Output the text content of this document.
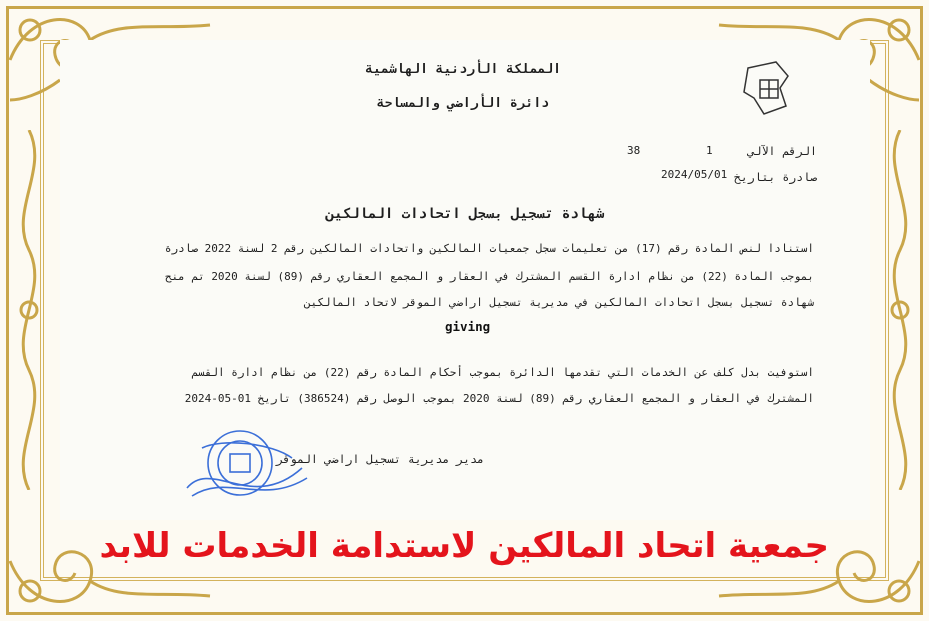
المملكة الأردنية الهاشمية
دائرة الأراضي والمساحة
الرقم الآلي
1
38
صادرة بتاريخ
2024/05/01
شهادة تسجيل بسجل اتحادات المالكين
استنادا لنص المادة رقم (17) من تعليمات سجل جمعيات المالكين واتحادات المالكين رقم 2 لسنة 2022 صادرة
بموجب المادة (22) من نظام ادارة القسم المشترك في العقار و المجمع العقاري رقم (89) لسنة 2020 تم منح
شهادة تسجيل بسجل اتحادات المالكين في مديرية تسجيل اراضي الموقر لاتحاد المالكين
giving
استوفيت بدل كلف عن الخدمات التي تقدمها الدائرة بموجب أحكام المادة رقم (22) من نظام ادارة القسم
المشترك في العقار و المجمع العقاري رقم (89) لسنة 2020 بموجب الوصل رقم (386524) تاريخ 01-05-2024
مدير مديرية تسجيل اراضي الموقر
جمعية اتحاد المالكين لاستدامة الخدمات للابد
